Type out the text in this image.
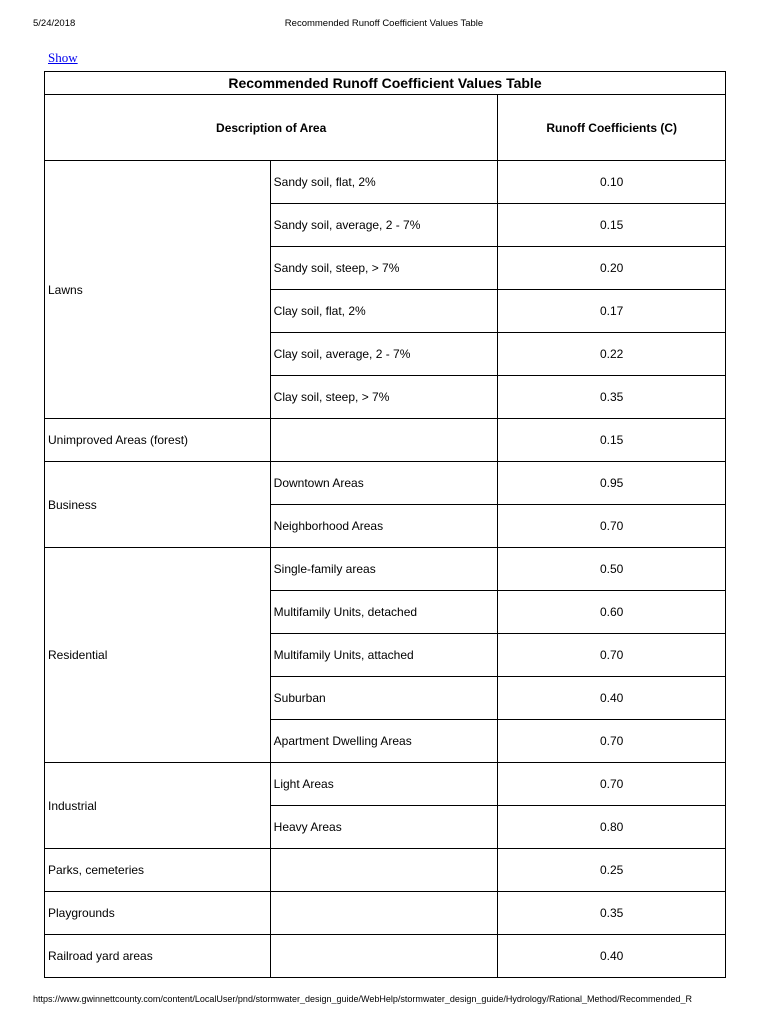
5/24/2018	Recommended Runoff Coefficient Values Table
Show
Recommended Runoff Coefficient Values Table		
Description of Area		Runoff Coefficients (C)
Lawns	Sandy soil, flat, 2%	0.10
	Sandy soil, average, 2 - 7%	0.15
	Sandy soil, steep, > 7%	0.20
	Clay soil, flat, 2%	0.17
	Clay soil, average, 2 - 7%	0.22
	Clay soil, steep, > 7%	0.35
Unimproved Areas (forest)		0.15
Business	Downtown Areas	0.95
	Neighborhood Areas	0.70
Residential	Single-family areas	0.50
	Multifamily Units, detached	0.60
	Multifamily Units, attached	0.70
	Suburban	0.40
	Apartment Dwelling Areas	0.70
Industrial	Light Areas	0.70
	Heavy Areas	0.80
Parks, cemeteries		0.25
Playgrounds		0.35
Railroad yard areas		0.40
https://www.gwinnettcounty.com/content/LocalUser/pnd/stormwater_design_guide/WebHelp/stormwater_design_guide/Hydrology/Rational_Method/Recommended_R
